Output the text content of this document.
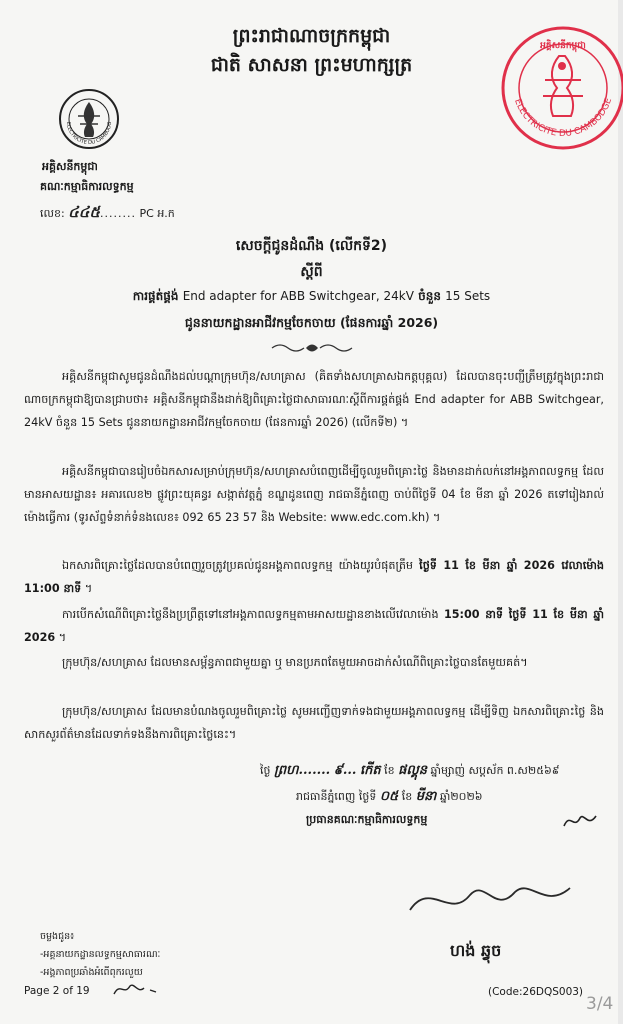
ព្រះរាជាណាចក្រកម្ពុជា
ជាតិ សាសនា ព្រះមហាក្សត្រ
ELECTRICITE DU CAMBODG
អគ្គិសនីកម្ពុជា
ELECTRICITE DU CAMBODGE
អគ្គិសនីកម្ពុជា
គណៈកម្មាធិការលទ្ធកម្ម
លេខ: ៤៤៥........ PC អ.ក
សេចក្តីជូនដំណឹង (លើកទី2)
ស្តីពី
ការផ្គត់ផ្គង់ End adapter for ABB Switchgear, 24kV ចំនួន 15 Sets
ជូននាយកដ្ឋានអាជីវកម្មចែកចាយ (ផែនការឆ្នាំ 2026)
អគ្គិសនីកម្ពុជាសូមជូនដំណឹងដល់បណ្តាក្រុមហ៊ុន/សហគ្រាស (គិតទាំងសហគ្រាសឯកត្តបុគ្គល) ដែលបានចុះបញ្ជីត្រឹមត្រូវក្នុងព្រះរាជាណាចក្រកម្ពុជាឱ្យបានជ្រាបថា៖ អគ្គិសនីកម្ពុជានឹងដាក់ឱ្យពិគ្រោះថ្លៃជាសាធារណៈស្តីពីការផ្គត់ផ្គង់ End adapter for ABB Switchgear, 24kV ចំនួន 15 Sets ជូននាយកដ្ឋានអាជីវកម្មចែកចាយ (ផែនការឆ្នាំ 2026) (លើកទី២) ។
អគ្គិសនីកម្ពុជាបានរៀបចំឯកសារសម្រាប់ក្រុមហ៊ុន/សហគ្រាសបំពេញដើម្បីចូលរួមពិគ្រោះថ្លៃ និងមានដាក់លក់នៅអង្គភាពលទ្ធកម្ម ដែលមានអាសយដ្ឋាន៖ អគារលេខ២ ផ្លូវព្រះយុគន្ធរ សង្កាត់វត្តភ្នំ ខណ្ឌដូនពេញ រាជធានីភ្នំពេញ ចាប់ពីថ្ងៃទី 04 ខែ មីនា ឆ្នាំ 2026 តទៅរៀងរាល់ម៉ោងធ្វើការ (ទូរស័ព្ទទំនាក់ទំនងលេខ៖ 092 65 23 57 និង Website: www.edc.com.kh) ។
ឯកសារពិគ្រោះថ្លៃដែលបានបំពេញរួចត្រូវប្រគល់ជូនអង្គភាពលទ្ធកម្ម យ៉ាងយូរបំផុតត្រឹម ថ្ងៃទី 11 ខែ មីនា ឆ្នាំ 2026 វេលាម៉ោង 11:00 នាទី ។
ការបើកសំណើពិគ្រោះថ្លៃនឹងប្រព្រឹត្តទៅនៅអង្គភាពលទ្ធកម្មតាមអាសយដ្ឋានខាងលើវេលាម៉ោង 15:00 នាទី ថ្ងៃទី 11 ខែ មីនា ឆ្នាំ 2026 ។
ក្រុមហ៊ុន/សហគ្រាស ដែលមានសម្ព័ន្ធភាពជាមួយគ្នា ឬ មានប្រភពតែមួយអាចដាក់សំណើពិគ្រោះថ្លៃបានតែមួយគត់។
ក្រុមហ៊ុន/សហគ្រាស ដែលមានបំណងចូលរួមពិគ្រោះថ្លៃ សូមអញ្ជើញទាក់ទងជាមួយអង្គភាពលទ្ធកម្ម ដើម្បីទិញ ឯកសារពិគ្រោះថ្លៃ និងសាកសួរព័ត៌មានដែលទាក់ទងនឹងការពិគ្រោះថ្លៃនេះ។
ថ្ងៃ ព្រហ....... ៩... កើត ខែ ផល្គុន ឆ្នាំម្សាញ់ សប្តស័ក ព.ស២៥៦៩
រាជធានីភ្នំពេញ ថ្ងៃទី ០៥ ខែ មីនា ឆ្នាំ២០២៦
ប្រធានគណៈកម្មាធិការលទ្ធកម្ម
ហង់ ឆ្វុច
ចម្លងជូន៖
-អគ្គនាយកដ្ឋានលទ្ធកម្មសាធារណៈ
-អង្គភាពប្រឆាំងអំពើពុករលួយ
Page 2 of 19	(Code:26DQS003)
3/4
